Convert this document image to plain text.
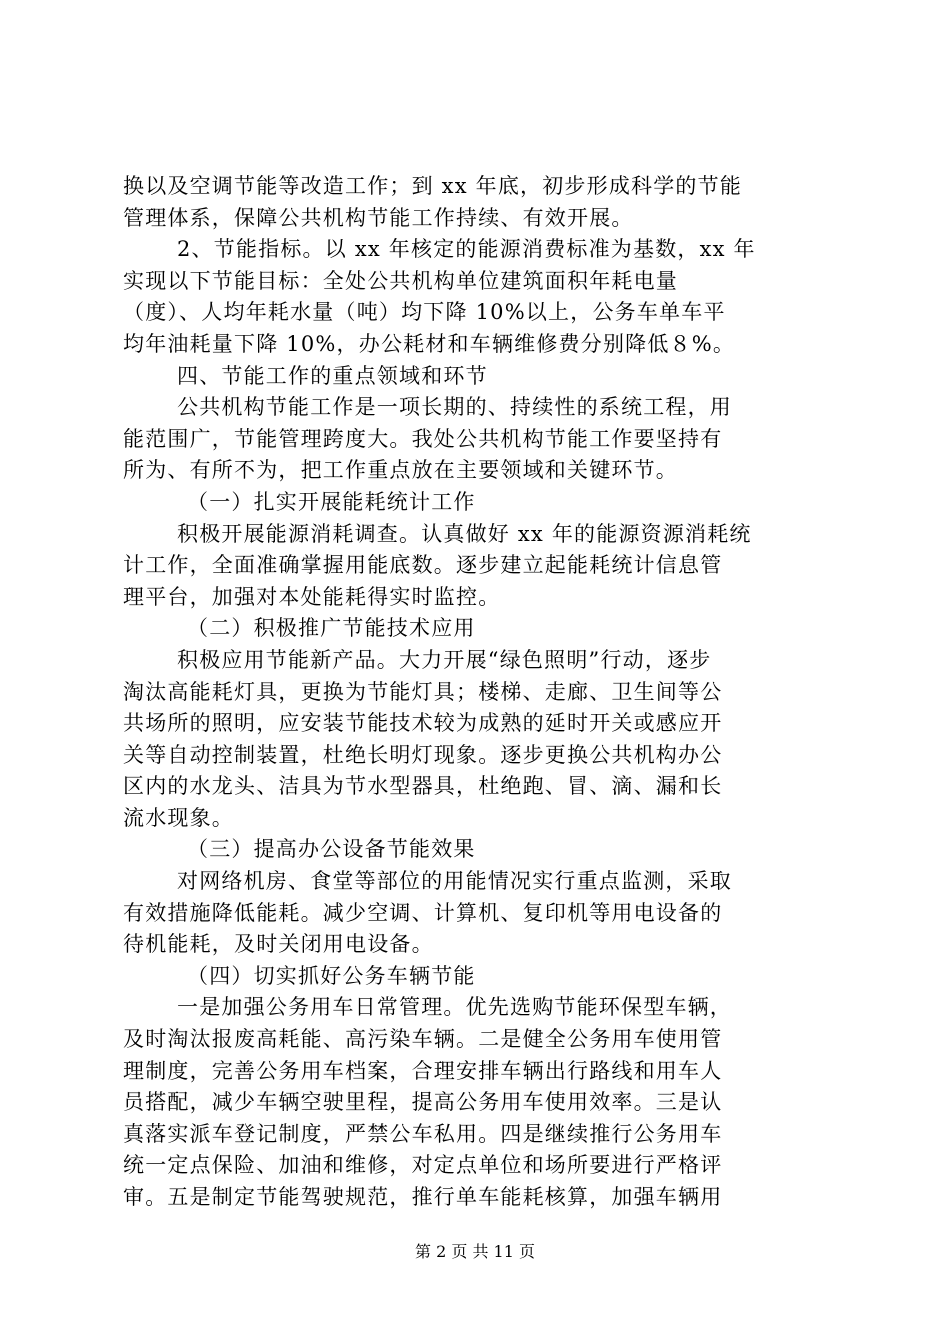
换以及空调节能等改造工作；到 xx 年底，初步形成科学的节能
管理体系，保障公共机构节能工作持续、有效开展。
2、节能指标。以 xx 年核定的能源消费标准为基数，xx 年
实现以下节能目标：全处公共机构单位建筑面积年耗电量
（度）、人均年耗水量（吨）均下降 10%以上，公务车单车平
均年油耗量下降 10%，办公耗材和车辆维修费分别降低８%。
四、节能工作的重点领域和环节
公共机构节能工作是一项长期的、持续性的系统工程，用
能范围广，节能管理跨度大。我处公共机构节能工作要坚持有
所为、有所不为，把工作重点放在主要领域和关键环节。
（一）扎实开展能耗统计工作
积极开展能源消耗调查。认真做好 xx 年的能源资源消耗统
计工作，全面准确掌握用能底数。逐步建立起能耗统计信息管
理平台，加强对本处能耗得实时监控。
（二）积极推广节能技术应用
积极应用节能新产品。大力开展“绿色照明”行动，逐步
淘汰高能耗灯具，更换为节能灯具；楼梯、走廊、卫生间等公
共场所的照明，应安装节能技术较为成熟的延时开关或感应开
关等自动控制装置，杜绝长明灯现象。逐步更换公共机构办公
区内的水龙头、洁具为节水型器具，杜绝跑、冒、滴、漏和长
流水现象。
（三）提高办公设备节能效果
对网络机房、食堂等部位的用能情况实行重点监测，采取
有效措施降低能耗。减少空调、计算机、复印机等用电设备的
待机能耗，及时关闭用电设备。
（四）切实抓好公务车辆节能
一是加强公务用车日常管理。优先选购节能环保型车辆，
及时淘汰报废高耗能、高污染车辆。二是健全公务用车使用管
理制度，完善公务用车档案，合理安排车辆出行路线和用车人
员搭配，减少车辆空驶里程，提高公务用车使用效率。三是认
真落实派车登记制度，严禁公车私用。四是继续推行公务用车
统一定点保险、加油和维修，对定点单位和场所要进行严格评
审。五是制定节能驾驶规范，推行单车能耗核算，加强车辆用
第 2 页 共 11 页
